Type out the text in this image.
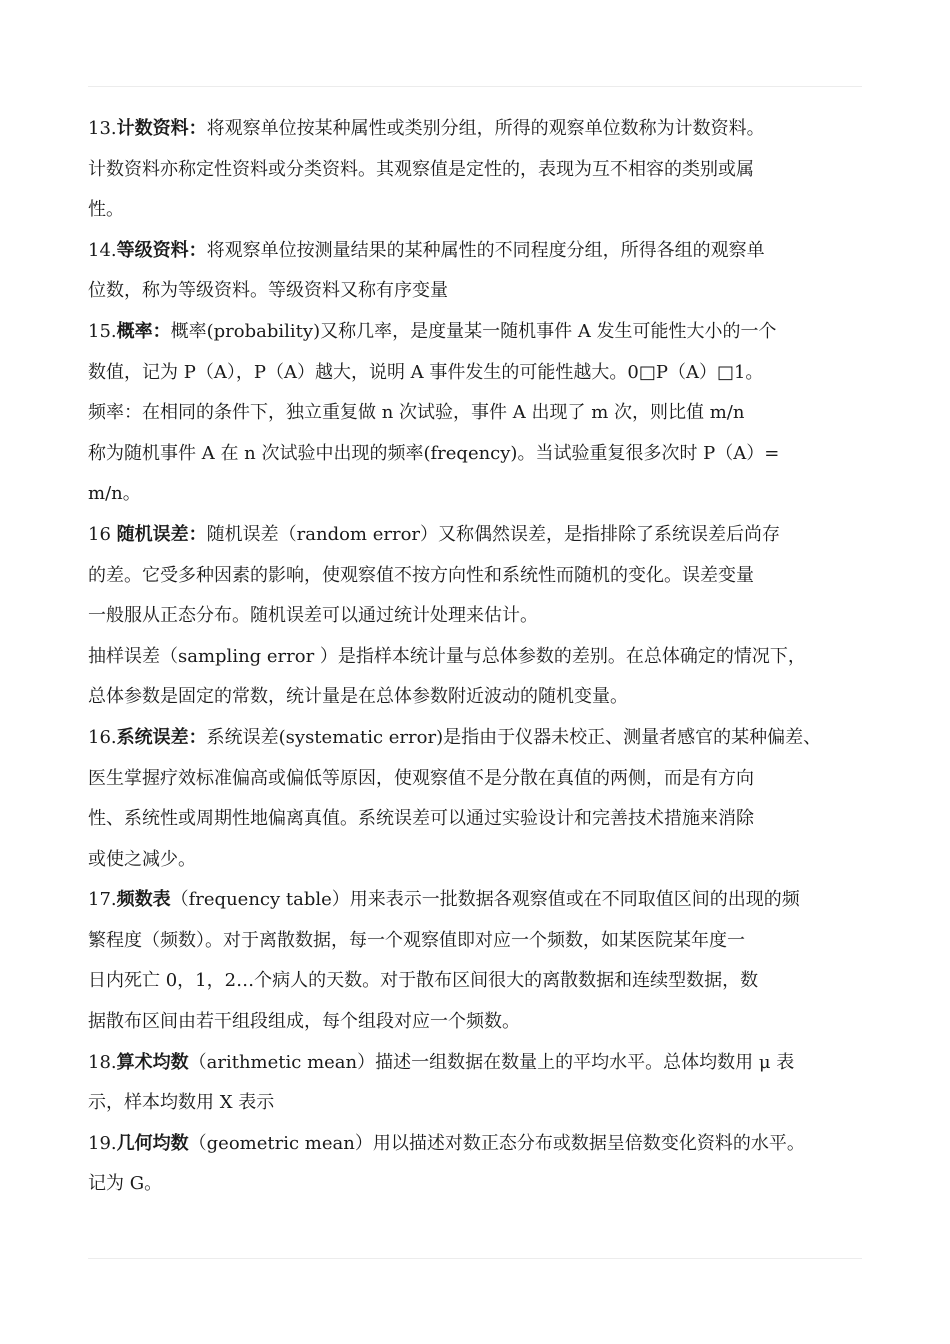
13.计数资料：将观察单位按某种属性或类别分组，所得的观察单位数称为计数资料。
计数资料亦称定性资料或分类资料。其观察值是定性的，表现为互不相容的类别或属
性。
14.等级资料：将观察单位按测量结果的某种属性的不同程度分组，所得各组的观察单
位数，称为等级资料。等级资料又称有序变量
15.概率：概率(probability)又称几率，是度量某一随机事件 A 发生可能性大小的一个
数值，记为 P（A），P（A）越大，说明 A 事件发生的可能性越大。0□P（A）□1。
频率：在相同的条件下，独立重复做 n 次试验，事件 A 出现了 m 次，则比值 m/n
称为随机事件 A 在 n 次试验中出现的频率(freqency)。当试验重复很多次时 P（A）=
m/n。
16 随机误差：随机误差（random error）又称偶然误差，是指排除了系统误差后尚存
的差。它受多种因素的影响，使观察值不按方向性和系统性而随机的变化。误差变量
一般服从正态分布。随机误差可以通过统计处理来估计。
抽样误差（sampling error ）是指样本统计量与总体参数的差别。在总体确定的情况下，
总体参数是固定的常数，统计量是在总体参数附近波动的随机变量。
16.系统误差：系统误差(systematic error)是指由于仪器未校正、测量者感官的某种偏差、
医生掌握疗效标准偏高或偏低等原因，使观察值不是分散在真值的两侧，而是有方向
性、系统性或周期性地偏离真值。系统误差可以通过实验设计和完善技术措施来消除
或使之减少。
17.频数表（frequency table）用来表示一批数据各观察值或在不同取值区间的出现的频
繁程度（频数）。对于离散数据，每一个观察值即对应一个频数，如某医院某年度一
日内死亡 0，1，2…个病人的天数。对于散布区间很大的离散数据和连续型数据，数
据散布区间由若干组段组成，每个组段对应一个频数。
18.算术均数（arithmetic mean）描述一组数据在数量上的平均水平。总体均数用 μ 表
示，样本均数用 X 表示
19.几何均数（geometric mean）用以描述对数正态分布或数据呈倍数变化资料的水平。
记为 G。
